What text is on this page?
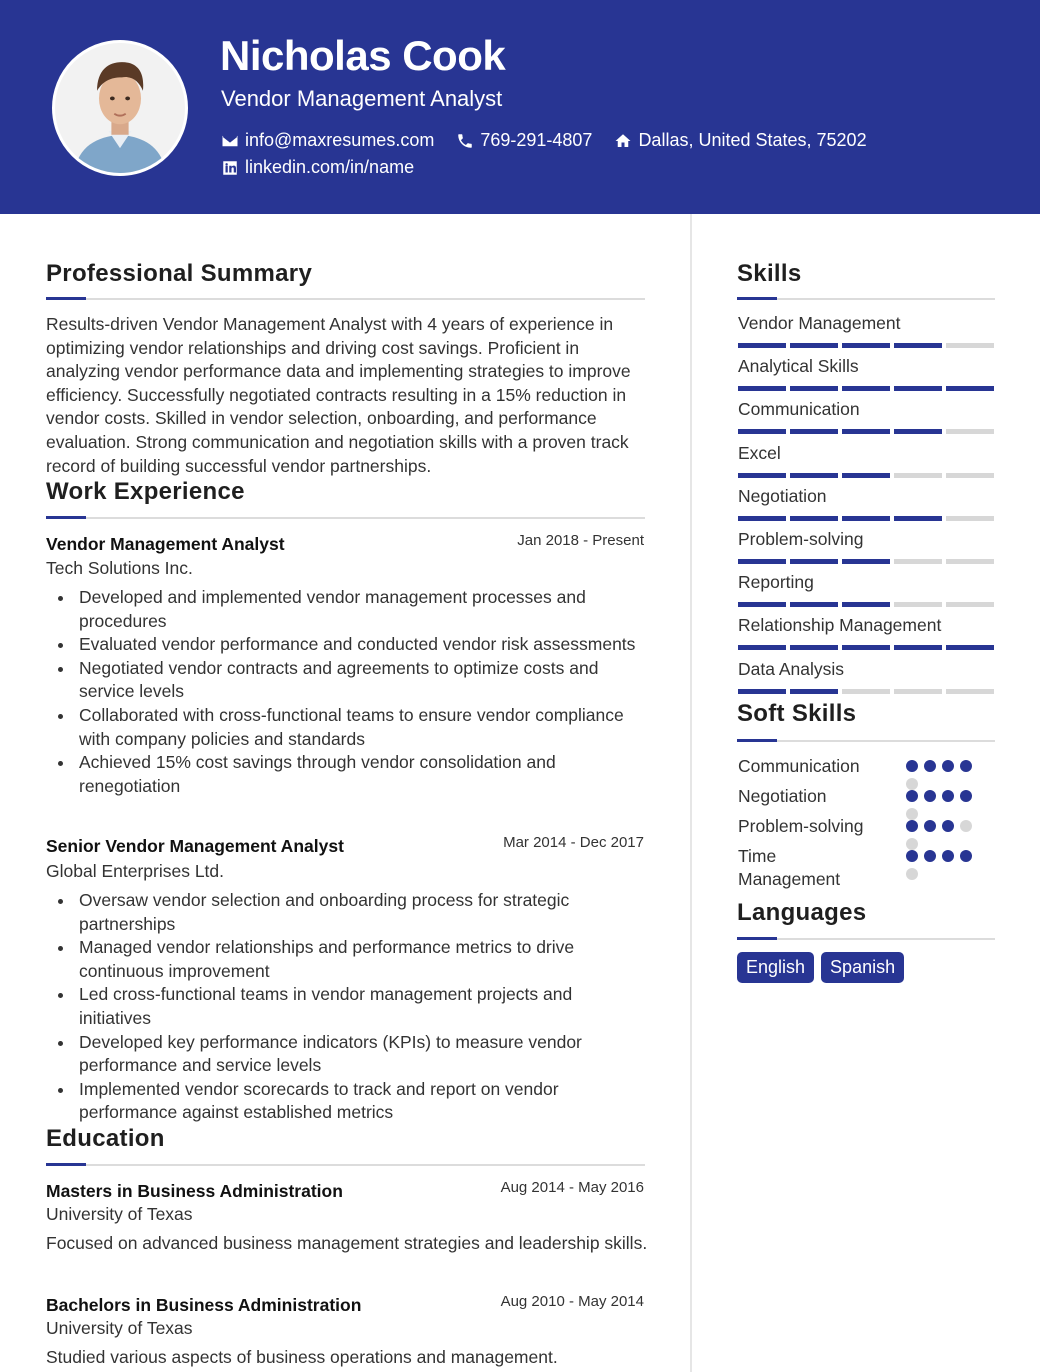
Nicholas Cook
Vendor Management Analyst
info@maxresumes.com	769-291-4807	Dallas, United States, 75202
linkedin.com/in/name
Professional Summary
Results-driven Vendor Management Analyst with 4 years of experience in optimizing vendor relationships and driving cost savings. Proficient in analyzing vendor performance data and implementing strategies to improve efficiency. Successfully negotiated contracts resulting in a 15% reduction in vendor costs. Skilled in vendor selection, onboarding, and performance evaluation. Strong communication and negotiation skills with a proven track record of building successful vendor partnerships.
Work Experience
Vendor Management Analyst	Jan 2018 - Present
Tech Solutions Inc.
Developed and implemented vendor management processes and procedures
Evaluated vendor performance and conducted vendor risk assessments
Negotiated vendor contracts and agreements to optimize costs and service levels
Collaborated with cross-functional teams to ensure vendor compliance with company policies and standards
Achieved 15% cost savings through vendor consolidation and renegotiation
Senior Vendor Management Analyst	Mar 2014 - Dec 2017
Global Enterprises Ltd.
Oversaw vendor selection and onboarding process for strategic partnerships
Managed vendor relationships and performance metrics to drive continuous improvement
Led cross-functional teams in vendor management projects and initiatives
Developed key performance indicators (KPIs) to measure vendor performance and service levels
Implemented vendor scorecards to track and report on vendor performance against established metrics
Education
Masters in Business Administration	Aug 2014 - May 2016
University of Texas
Focused on advanced business management strategies and leadership skills.
Bachelors in Business Administration	Aug 2010 - May 2014
University of Texas
Studied various aspects of business operations and management.
Skills
Vendor Management
Analytical Skills
Communication
Excel
Negotiation
Problem-solving
Reporting
Relationship Management
Data Analysis
Soft Skills
Communication
Negotiation
Problem-solving
Time Management
Languages
English	Spanish
